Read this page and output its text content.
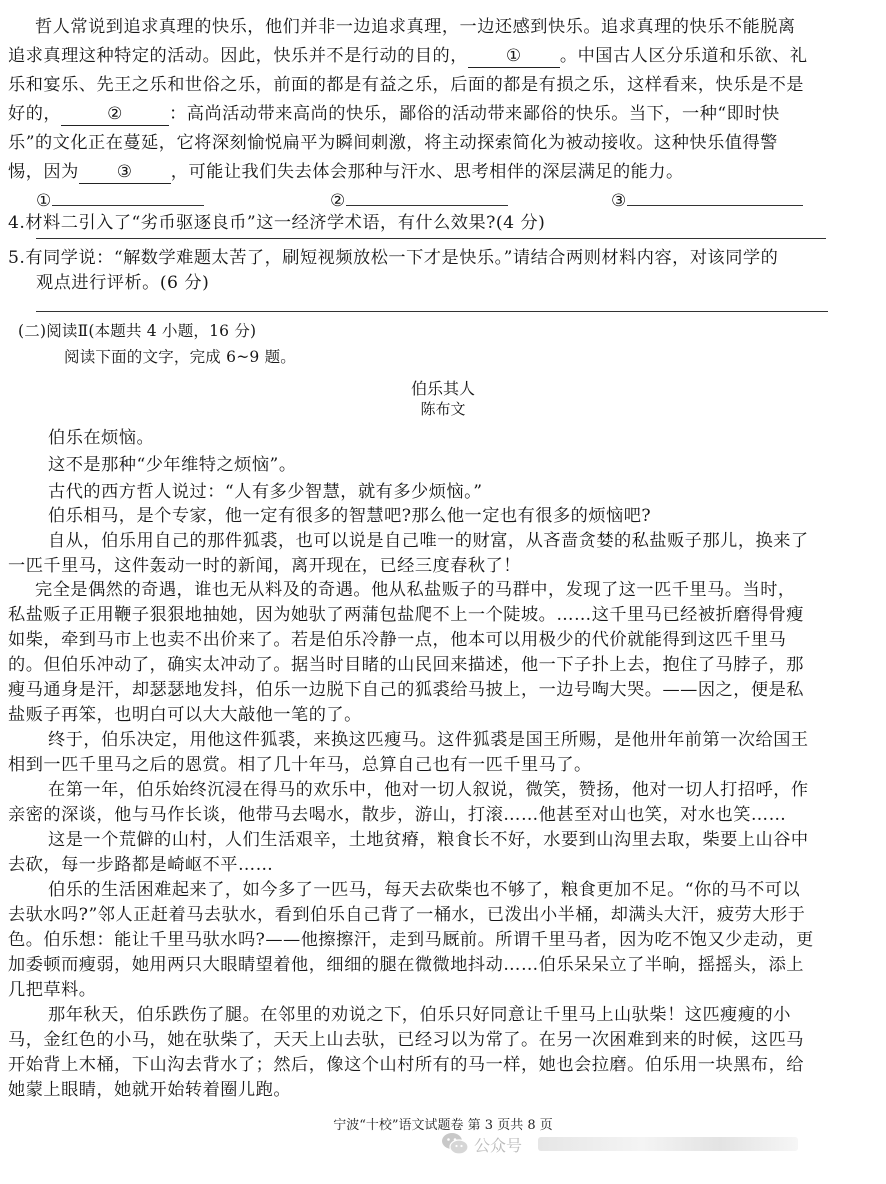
哲人常说到追求真理的快乐，他们并非一边追求真理，一边还感到快乐。追求真理的快乐不能脱离
追求真理这种特定的活动。因此，快乐并不是行动的目的， ① 。中国古人区分乐道和乐欲、礼
乐和宴乐、先王之乐和世俗之乐，前面的都是有益之乐，后面的都是有损之乐，这样看来，快乐是不是
好的，	②	：高尚活动带来高尚的快乐，鄙俗的活动带来鄙俗的快乐。当下，一种“即时快
乐”的文化正在蔓延，它将深刻愉悦扁平为瞬间刺激，将主动探索简化为被动接收。这种快乐值得警
惕，因为 ③ ，可能让我们失去体会那种与汗水、思考相伴的深层满足的能力。
①	②	③
4.材料二引入了“劣币驱逐良币”这一经济学术语，有什么效果?(4 分)
5.有同学说：“解数学难题太苦了，刷短视频放松一下才是快乐。”请结合两则材料内容，对该同学的
观点进行评析。(6 分)
(二)阅读Ⅱ(本题共 4 小题，16 分)
阅读下面的文字，完成 6~9 题。
伯乐其人
陈布文
伯乐在烦恼。
这不是那种“少年维特之烦恼”。
古代的西方哲人说过：“人有多少智慧，就有多少烦恼。”
伯乐相马，是个专家，他一定有很多的智慧吧?那么他一定也有很多的烦恼吧?
自从，伯乐用自己的那件狐裘，也可以说是自己唯一的财富，从吝啬贪婪的私盐贩子那儿，换来了
一匹千里马，这件轰动一时的新闻，离开现在，已经三度春秋了！
完全是偶然的奇遇，谁也无从料及的奇遇。他从私盐贩子的马群中，发现了这一匹千里马。当时，
私盐贩子正用鞭子狠狠地抽她，因为她驮了两蒲包盐爬不上一个陡坡。……这千里马已经被折磨得骨瘦
如柴，牵到马市上也卖不出价来了。若是伯乐冷静一点，他本可以用极少的代价就能得到这匹千里马
的。但伯乐冲动了，确实太冲动了。据当时目睹的山民回来描述，他一下子扑上去，抱住了马脖子，那
瘦马通身是汗，却瑟瑟地发抖，伯乐一边脱下自己的狐裘给马披上，一边号啕大哭。——因之，便是私
盐贩子再笨，也明白可以大大敲他一笔的了。
终于，伯乐决定，用他这件狐裘，来换这匹瘦马。这件狐裘是国王所赐，是他卅年前第一次给国王
相到一匹千里马之后的恩赏。相了几十年马，总算自己也有一匹千里马了。
在第一年，伯乐始终沉浸在得马的欢乐中，他对一切人叙说，微笑，赞扬，他对一切人打招呼，作
亲密的深谈，他与马作长谈，他带马去喝水，散步，游山，打滚……他甚至对山也笑，对水也笑……
这是一个荒僻的山村，人们生活艰辛，土地贫瘠，粮食长不好，水要到山沟里去取，柴要上山谷中
去砍，每一步路都是崎岖不平……
伯乐的生活困难起来了，如今多了一匹马，每天去砍柴也不够了，粮食更加不足。“你的马不可以
去驮水吗?”邻人正赶着马去驮水，看到伯乐自己背了一桶水，已泼出小半桶，却满头大汗，疲劳大形于
色。伯乐想：能让千里马驮水吗?——他擦擦汗，走到马厩前。所谓千里马者，因为吃不饱又少走动，更
加委顿而瘦弱，她用两只大眼睛望着他，细细的腿在微微地抖动……伯乐呆呆立了半晌，摇摇头，添上
几把草料。
那年秋天，伯乐跌伤了腿。在邻里的劝说之下，伯乐只好同意让千里马上山驮柴！这匹瘦瘦的小
马，金红色的小马，她在驮柴了，天天上山去驮，已经习以为常了。在另一次困难到来的时候，这匹马
开始背上木桶，下山沟去背水了；然后，像这个山村所有的马一样，她也会拉磨。伯乐用一块黑布，给
她蒙上眼睛，她就开始转着圈儿跑。
宁波“十校”语文试题卷 第 3 页共 8 页
公众号
